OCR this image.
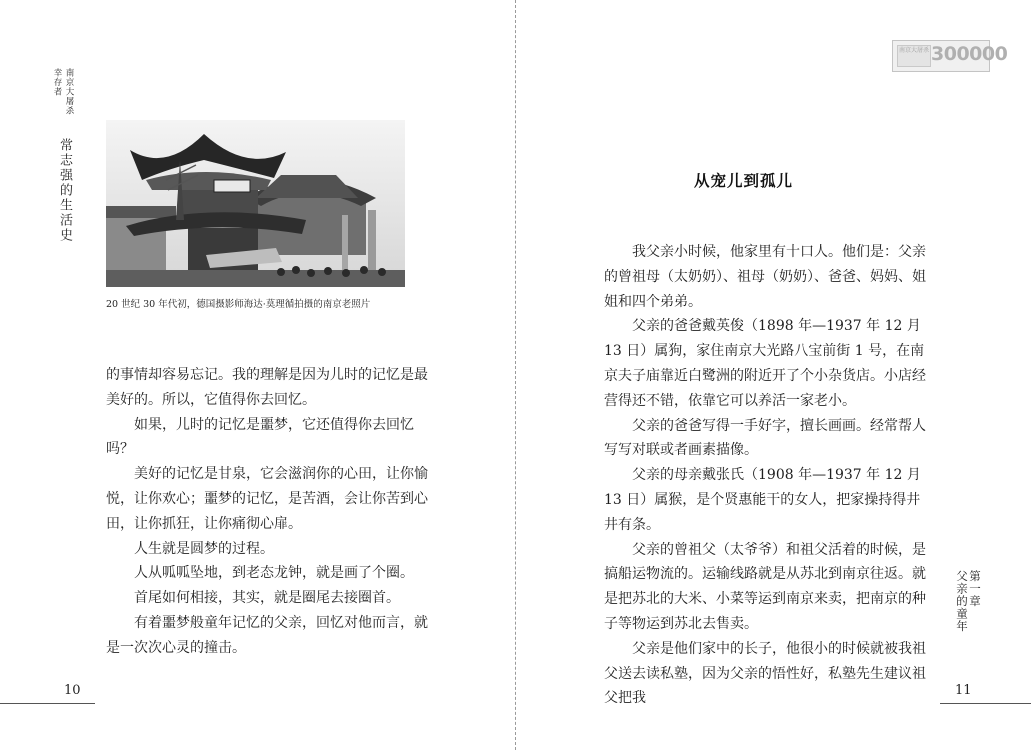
南京大屠杀
幸存者
常志强的生活史
20 世纪 30 年代初，德国摄影师海达·莫理循拍摄的南京老照片

的事情却容易忘记。我的理解是因为儿时的记忆是最美好的。所以，它值得你去回忆。

如果，儿时的记忆是噩梦，它还值得你去回忆吗？

美好的记忆是甘泉，它会滋润你的心田，让你愉悦，让你欢心；噩梦的记忆，是苦酒，会让你苦到心田，让你抓狂，让你痛彻心扉。

人生就是圆梦的过程。

人从呱呱坠地，到老态龙钟，就是画了个圈。

首尾如何相接，其实，就是圈尾去接圈首。

有着噩梦般童年记忆的父亲，回忆对他而言，就是一次次心灵的撞击。

10
南京大屠杀 300000
从宠儿到孤儿

我父亲小时候，他家里有十口人。他们是：父亲的曾祖母（太奶奶）、祖母（奶奶）、爸爸、妈妈、姐姐和四个弟弟。

父亲的爸爸戴英俊（1898 年—1937 年 12 月 13 日）属狗，家住南京大光路八宝前街 1 号，在南京夫子庙靠近白鹭洲的附近开了个小杂货店。小店经营得还不错，依靠它可以养活一家老小。

父亲的爸爸写得一手好字，擅长画画。经常帮人写写对联或者画素描像。

父亲的母亲戴张氏（1908 年—1937 年 12 月 13 日）属猴，是个贤惠能干的女人，把家操持得井井有条。

父亲的曾祖父（太爷爷）和祖父活着的时候，是搞船运物流的。运输线路就是从苏北到南京往返。就是把苏北的大米、小菜等运到南京来卖，把南京的种子等物运到苏北去售卖。

父亲是他们家中的长子，他很小的时候就被我祖父送去读私塾，因为父亲的悟性好，私塾先生建议祖父把我

第一章
父亲的童年
11
